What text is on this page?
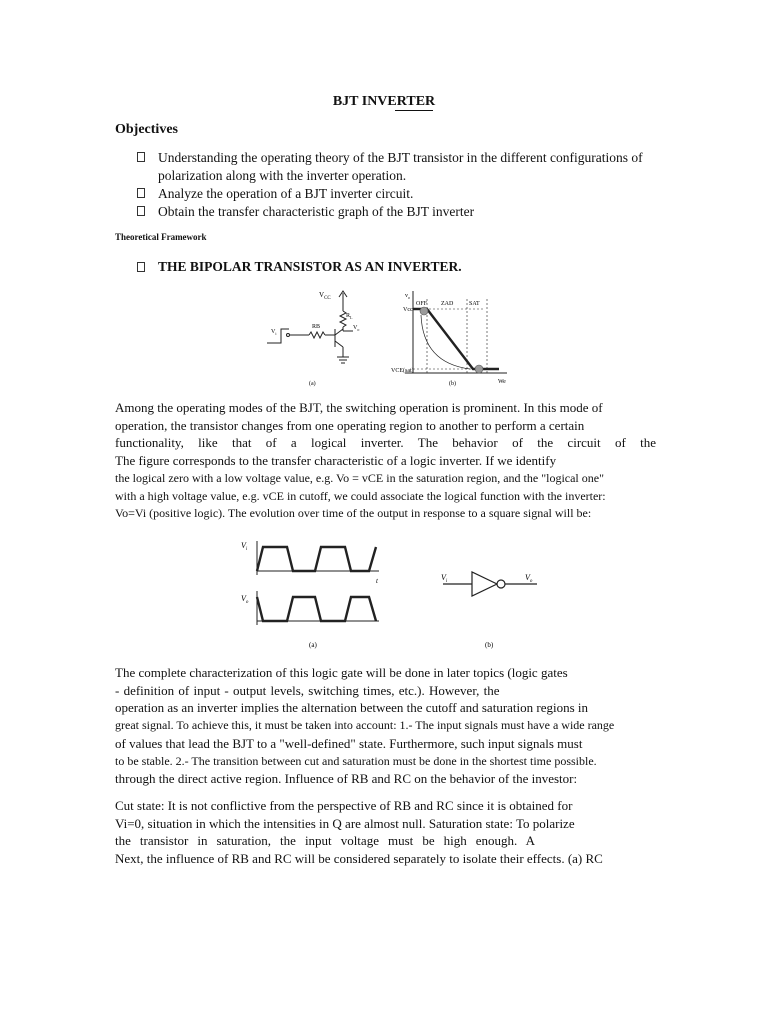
BJT INVERTER
Objectives
Understanding the operating theory of the BJT transistor in the different configurations of polarization along with the inverter operation.
Analyze the operation of a BJT inverter circuit.
Obtain the transfer characteristic graph of the BJT inverter
Theoretical Framework
THE BIPOLAR TRANSISTOR AS AN INVERTER.
$V_{CC}$
$R_L$
RB
$V_i$
$V_o$
(a)
$v_o$
Vcc
OFF ZAD	SAT
VCE(sat)
We
(b)
Among the operating modes of the BJT, the switching operation is prominent. In this mode of
operation, the transistor changes from one operating region to another to perform a certain
functionality, like that of a logical inverter. The behavior of the circuit of the
The figure corresponds to the transfer characteristic of a logic inverter. If we identify
the logical zero with a low voltage value, e.g. Vo = vCE in the saturation region, and the "logical one"
with a high voltage value, e.g. vCE in cutoff, we could associate the logical function with the inverter:
Vo=Vi (positive logic). The evolution over time of the output in response to a square signal will be:
$V_i$
t
$V_o$
(a)
$V_i$	$V_o$
(b)
The complete characterization of this logic gate will be done in later topics (logic gates
- definition of input - output levels, switching times, etc.). However, the
operation as an inverter implies the alternation between the cutoff and saturation regions in
great signal. To achieve this, it must be taken into account: 1.- The input signals must have a wide range
of values that lead the BJT to a "well-defined" state. Furthermore, such input signals must
to be stable. 2.- The transition between cut and saturation must be done in the shortest time possible.
through the direct active region. Influence of RB and RC on the behavior of the investor:
Cut state: It is not conflictive from the perspective of RB and RC since it is obtained for
Vi=0, situation in which the intensities in Q are almost null. Saturation state: To polarize
the transistor in saturation, the input voltage must be high enough. A
Next, the influence of RB and RC will be considered separately to isolate their effects. (a) RC
